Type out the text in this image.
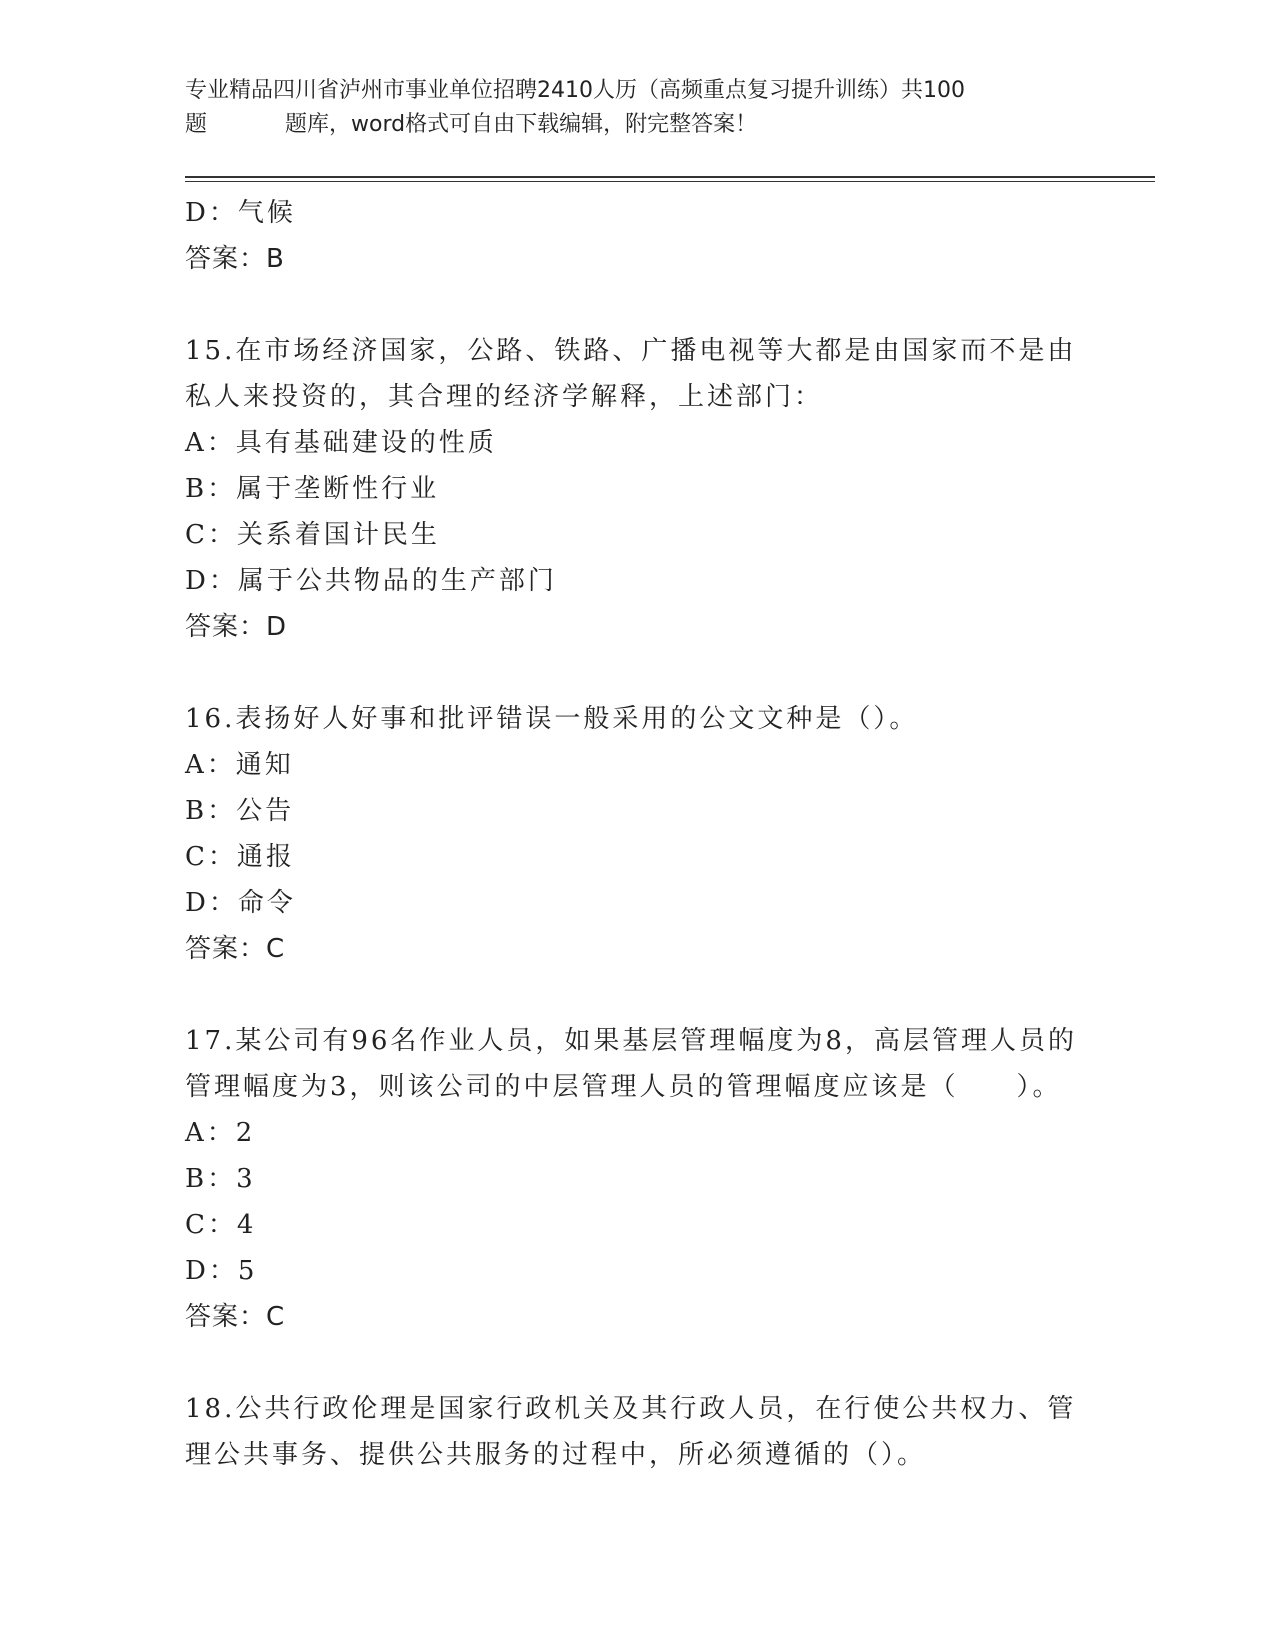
专业精品四川省泸州市事业单位招聘2410人历（高频重点复习提升训练）共100
题	题库，word格式可自由下载编辑，附完整答案！
D：气候
答案：B
15.在市场经济国家，公路、铁路、广播电视等大都是由国家而不是由
私人来投资的，其合理的经济学解释，上述部门：
A：具有基础建设的性质
B：属于垄断性行业
C：关系着国计民生
D：属于公共物品的生产部门
答案：D
16.表扬好人好事和批评错误一般采用的公文文种是（）。
A：通知
B：公告
C：通报
D：命令
答案：C
17.某公司有96名作业人员，如果基层管理幅度为8，高层管理人员的
管理幅度为3，则该公司的中层管理人员的管理幅度应该是（　　）。
A：2
B：3
C：4
D：5
答案：C
18.公共行政伦理是国家行政机关及其行政人员，在行使公共权力、管
理公共事务、提供公共服务的过程中，所必须遵循的（）。
